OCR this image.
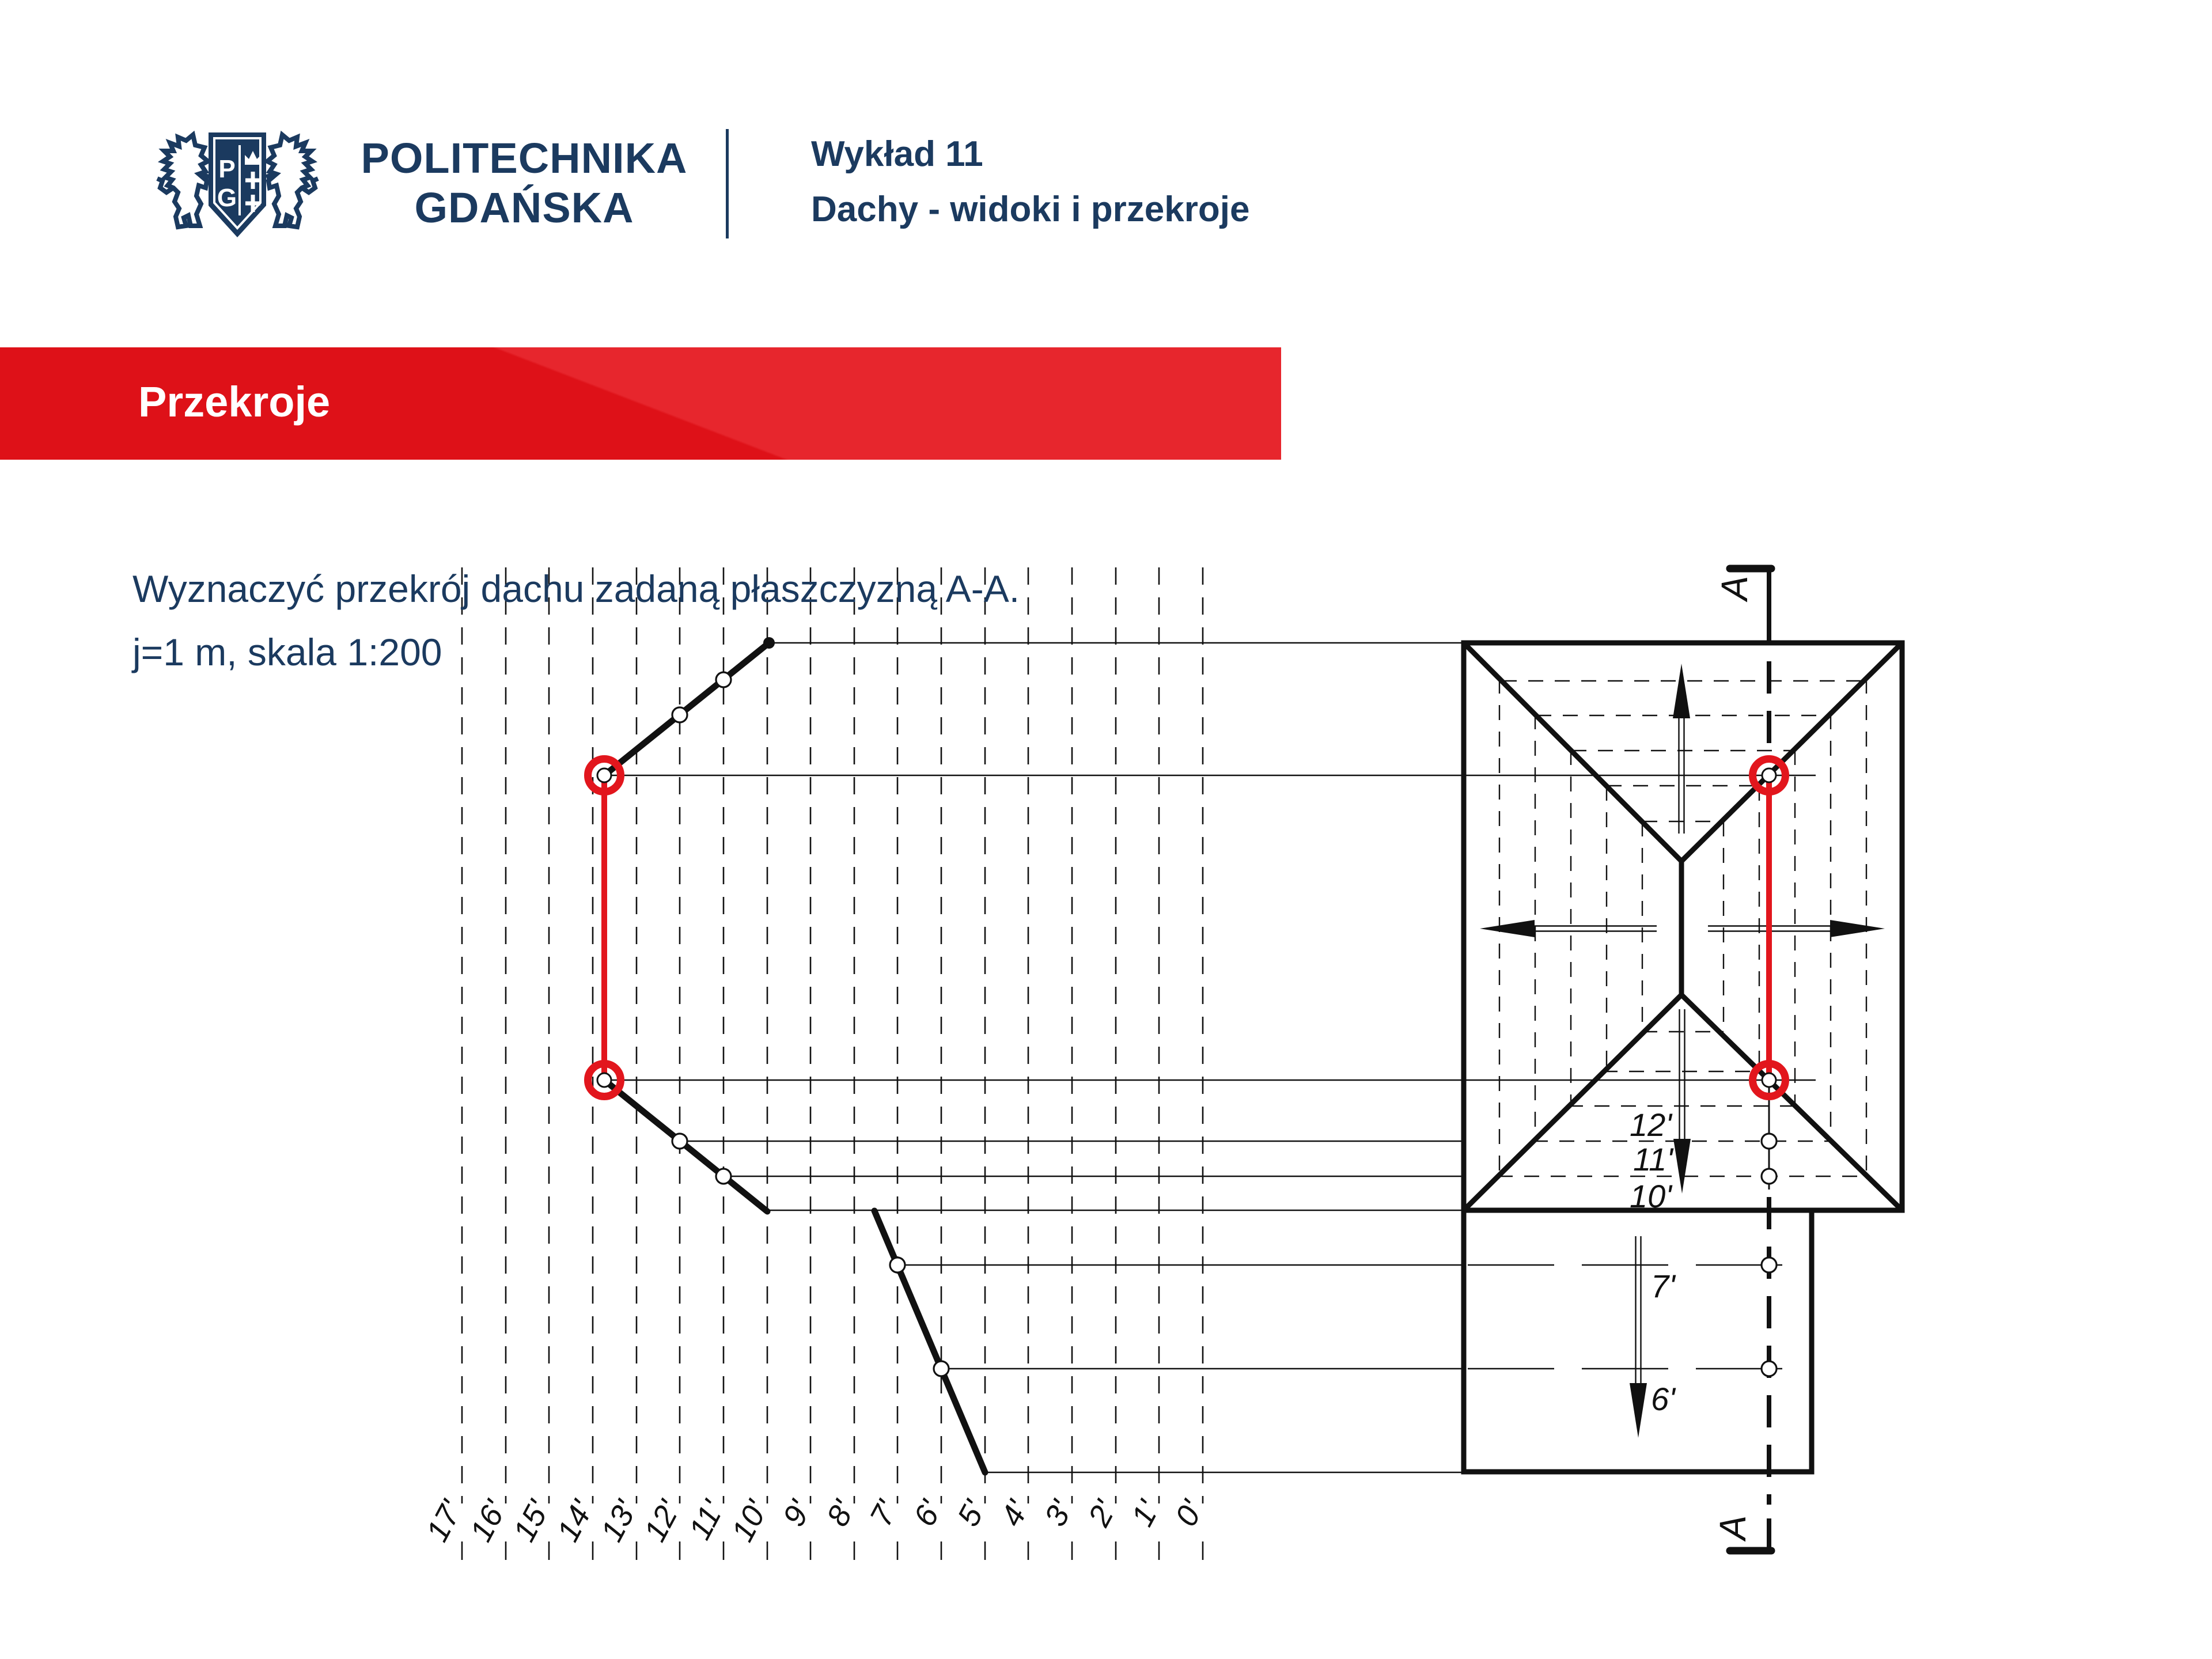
17'
16'
15'
14'
13'
12'
11'
10' 9' 8' 7' 6' 5' 4' 3' 2' 1' 0'
A
A
12'
11'
10'
7'
6'
P
G
POLITECHNIKA
GDAŃSKA
Wykład 11
Dachy - widoki i przekroje
Przekroje
Wyznaczyć przekrój dachu zadaną płaszczyzną A-A.
j=1 m, skala 1:200
